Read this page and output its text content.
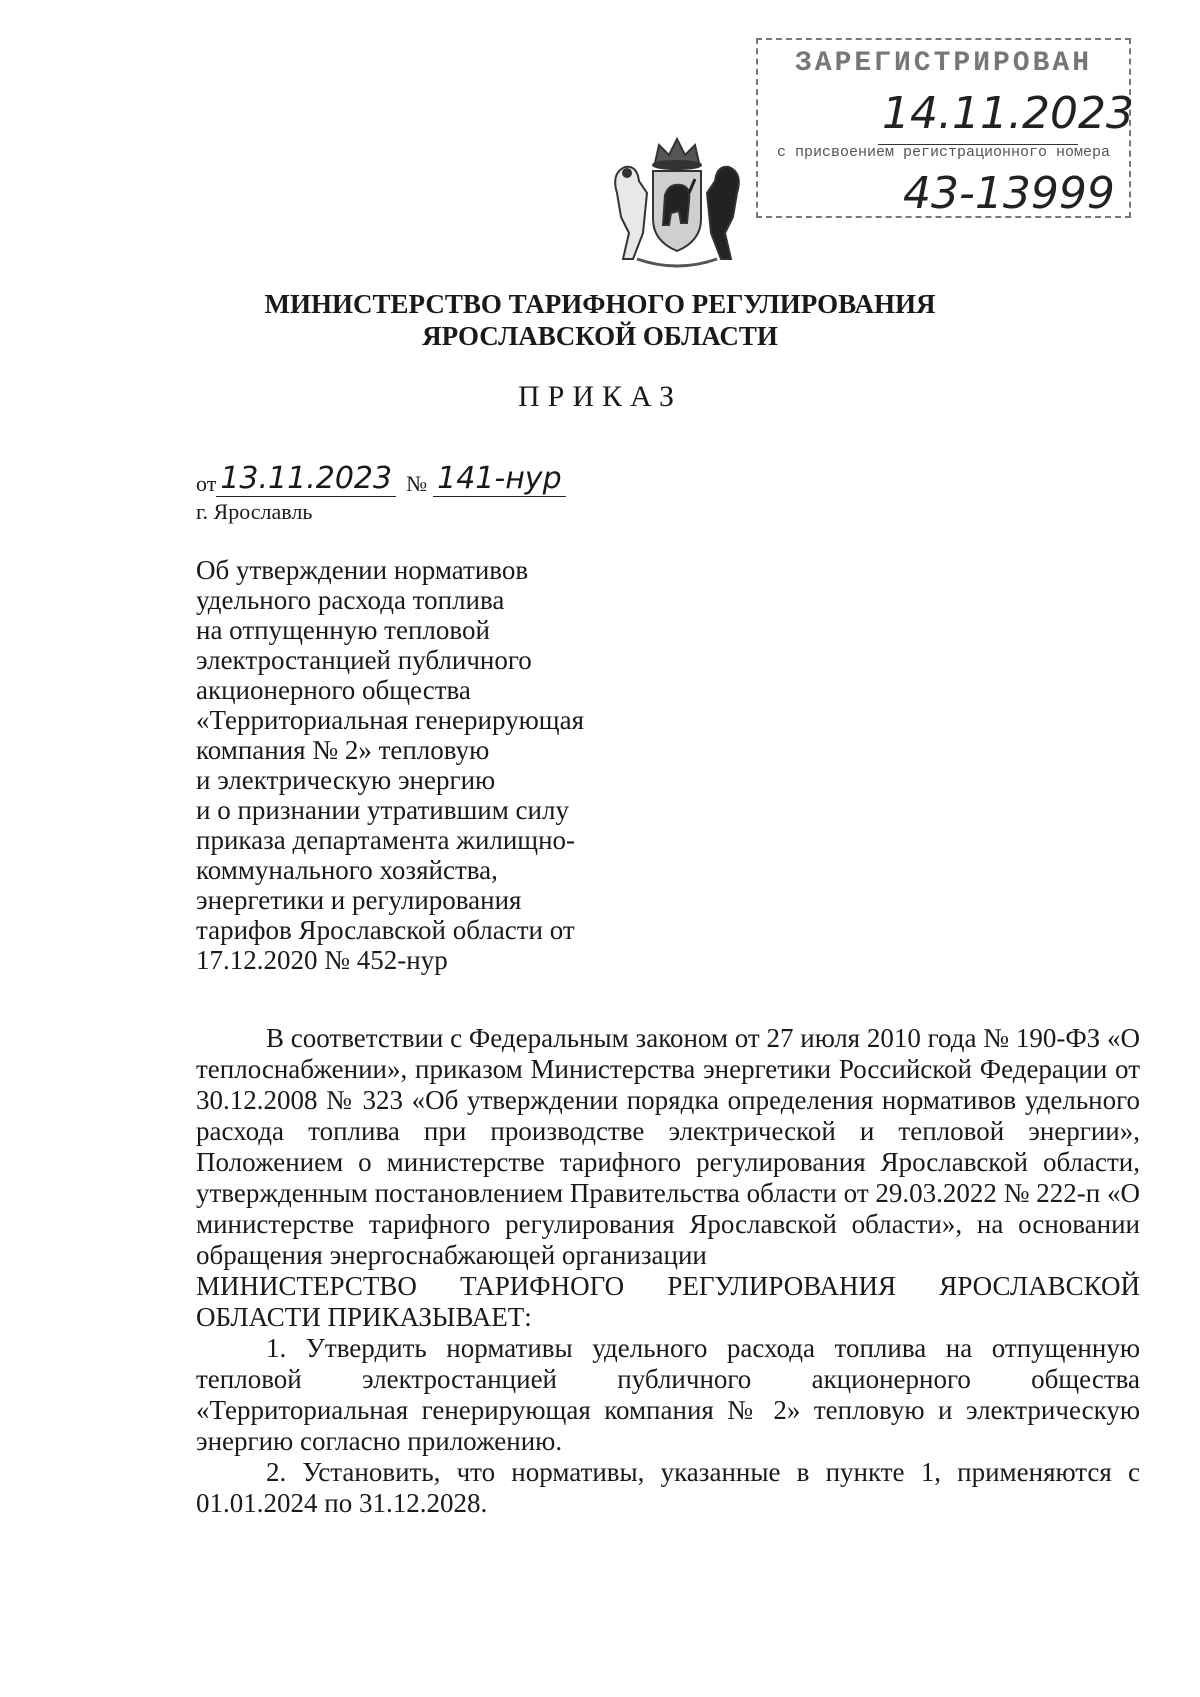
ЗАРЕГИСТРИРОВАН
14.11.2023
с присвоением регистрационного номера
43-13999
МИНИСТЕРСТВО ТАРИФНОГО РЕГУЛИРОВАНИЯ
ЯРОСЛАВСКОЙ ОБЛАСТИ
ПРИКАЗ
от 13.11.2023 № 141-нур
г. Ярославль
Об утверждении нормативов
удельного расхода топлива
на отпущенную тепловой
электростанцией публичного
акционерного общества
«Территориальная генерирующая
компания № 2» тепловую
и электрическую энергию
и о признании утратившим силу
приказа департамента жилищно-
коммунального хозяйства,
энергетики и регулирования
тарифов Ярославской области от
17.12.2020 № 452-нур

В соответствии с Федеральным законом от 27 июля 2010 года № 190-ФЗ «О теплоснабжении», приказом Министерства энергетики Российской Федерации от 30.12.2008 № 323 «Об утверждении порядка определения нормативов удельного расхода топлива при производстве электрической и тепловой энергии», Положением о министерстве тарифного регулирования Ярославской области, утвержденным постановлением Правительства области от 29.03.2022 № 222-п «О министерстве тарифного регулирования Ярославской области», на основании обращения энергоснабжающей организации

МИНИСТЕРСТВО ТАРИФНОГО РЕГУЛИРОВАНИЯ ЯРОСЛАВСКОЙ ОБЛАСТИ ПРИКАЗЫВАЕТ:

1. Утвердить нормативы удельного расхода топлива на отпущенную тепловой электростанцией публичного акционерного общества «Территориальная генерирующая компания № 2» тепловую и электрическую энергию согласно приложению.

2. Установить, что нормативы, указанные в пункте 1, применяются с 01.01.2024 по 31.12.2028.
